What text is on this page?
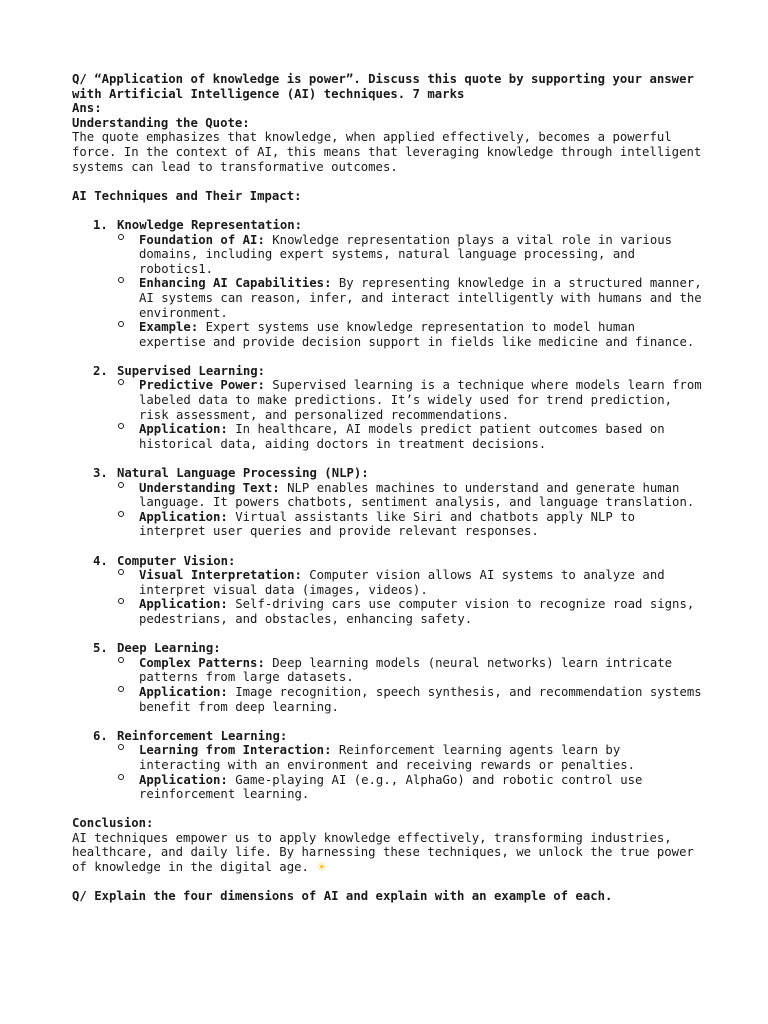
Q/ “Application of knowledge is power”. Discuss this quote by supporting your answer with Artificial Intelligence (AI) techniques. 7 marks

Ans:

Understanding the Quote:

The quote emphasizes that knowledge, when applied effectively, becomes a powerful force. In the context of AI, this means that leveraging knowledge through intelligent systems can lead to transformative outcomes.

AI Techniques and Their Impact:

1. Knowledge Representation:
Foundation of AI: Knowledge representation plays a vital role in various domains, including expert systems, natural language processing, and robotics1.
Enhancing AI Capabilities: By representing knowledge in a structured manner, AI systems can reason, infer, and interact intelligently with humans and the environment.
Example: Expert systems use knowledge representation to model human expertise and provide decision support in fields like medicine and finance.
2. Supervised Learning:
Predictive Power: Supervised learning is a technique where models learn from labeled data to make predictions. It’s widely used for trend prediction, risk assessment, and personalized recommendations.
Application: In healthcare, AI models predict patient outcomes based on historical data, aiding doctors in treatment decisions.
3. Natural Language Processing (NLP):
Understanding Text: NLP enables machines to understand and generate human language. It powers chatbots, sentiment analysis, and language translation.
Application: Virtual assistants like Siri and chatbots apply NLP to interpret user queries and provide relevant responses.
4. Computer Vision:
Visual Interpretation: Computer vision allows AI systems to analyze and interpret visual data (images, videos).
Application: Self-driving cars use computer vision to recognize road signs, pedestrians, and obstacles, enhancing safety.
5. Deep Learning:
Complex Patterns: Deep learning models (neural networks) learn intricate patterns from large datasets.
Application: Image recognition, speech synthesis, and recommendation systems benefit from deep learning.
6. Reinforcement Learning:
Learning from Interaction: Reinforcement learning agents learn by interacting with an environment and receiving rewards or penalties.
Application: Game-playing AI (e.g., AlphaGo) and robotic control use reinforcement learning.

Conclusion:

AI techniques empower us to apply knowledge effectively, transforming industries, healthcare, and daily life. By harnessing these techniques, we unlock the true power of knowledge in the digital age. ☀

Q/ Explain the four dimensions of AI and explain with an example of each.
